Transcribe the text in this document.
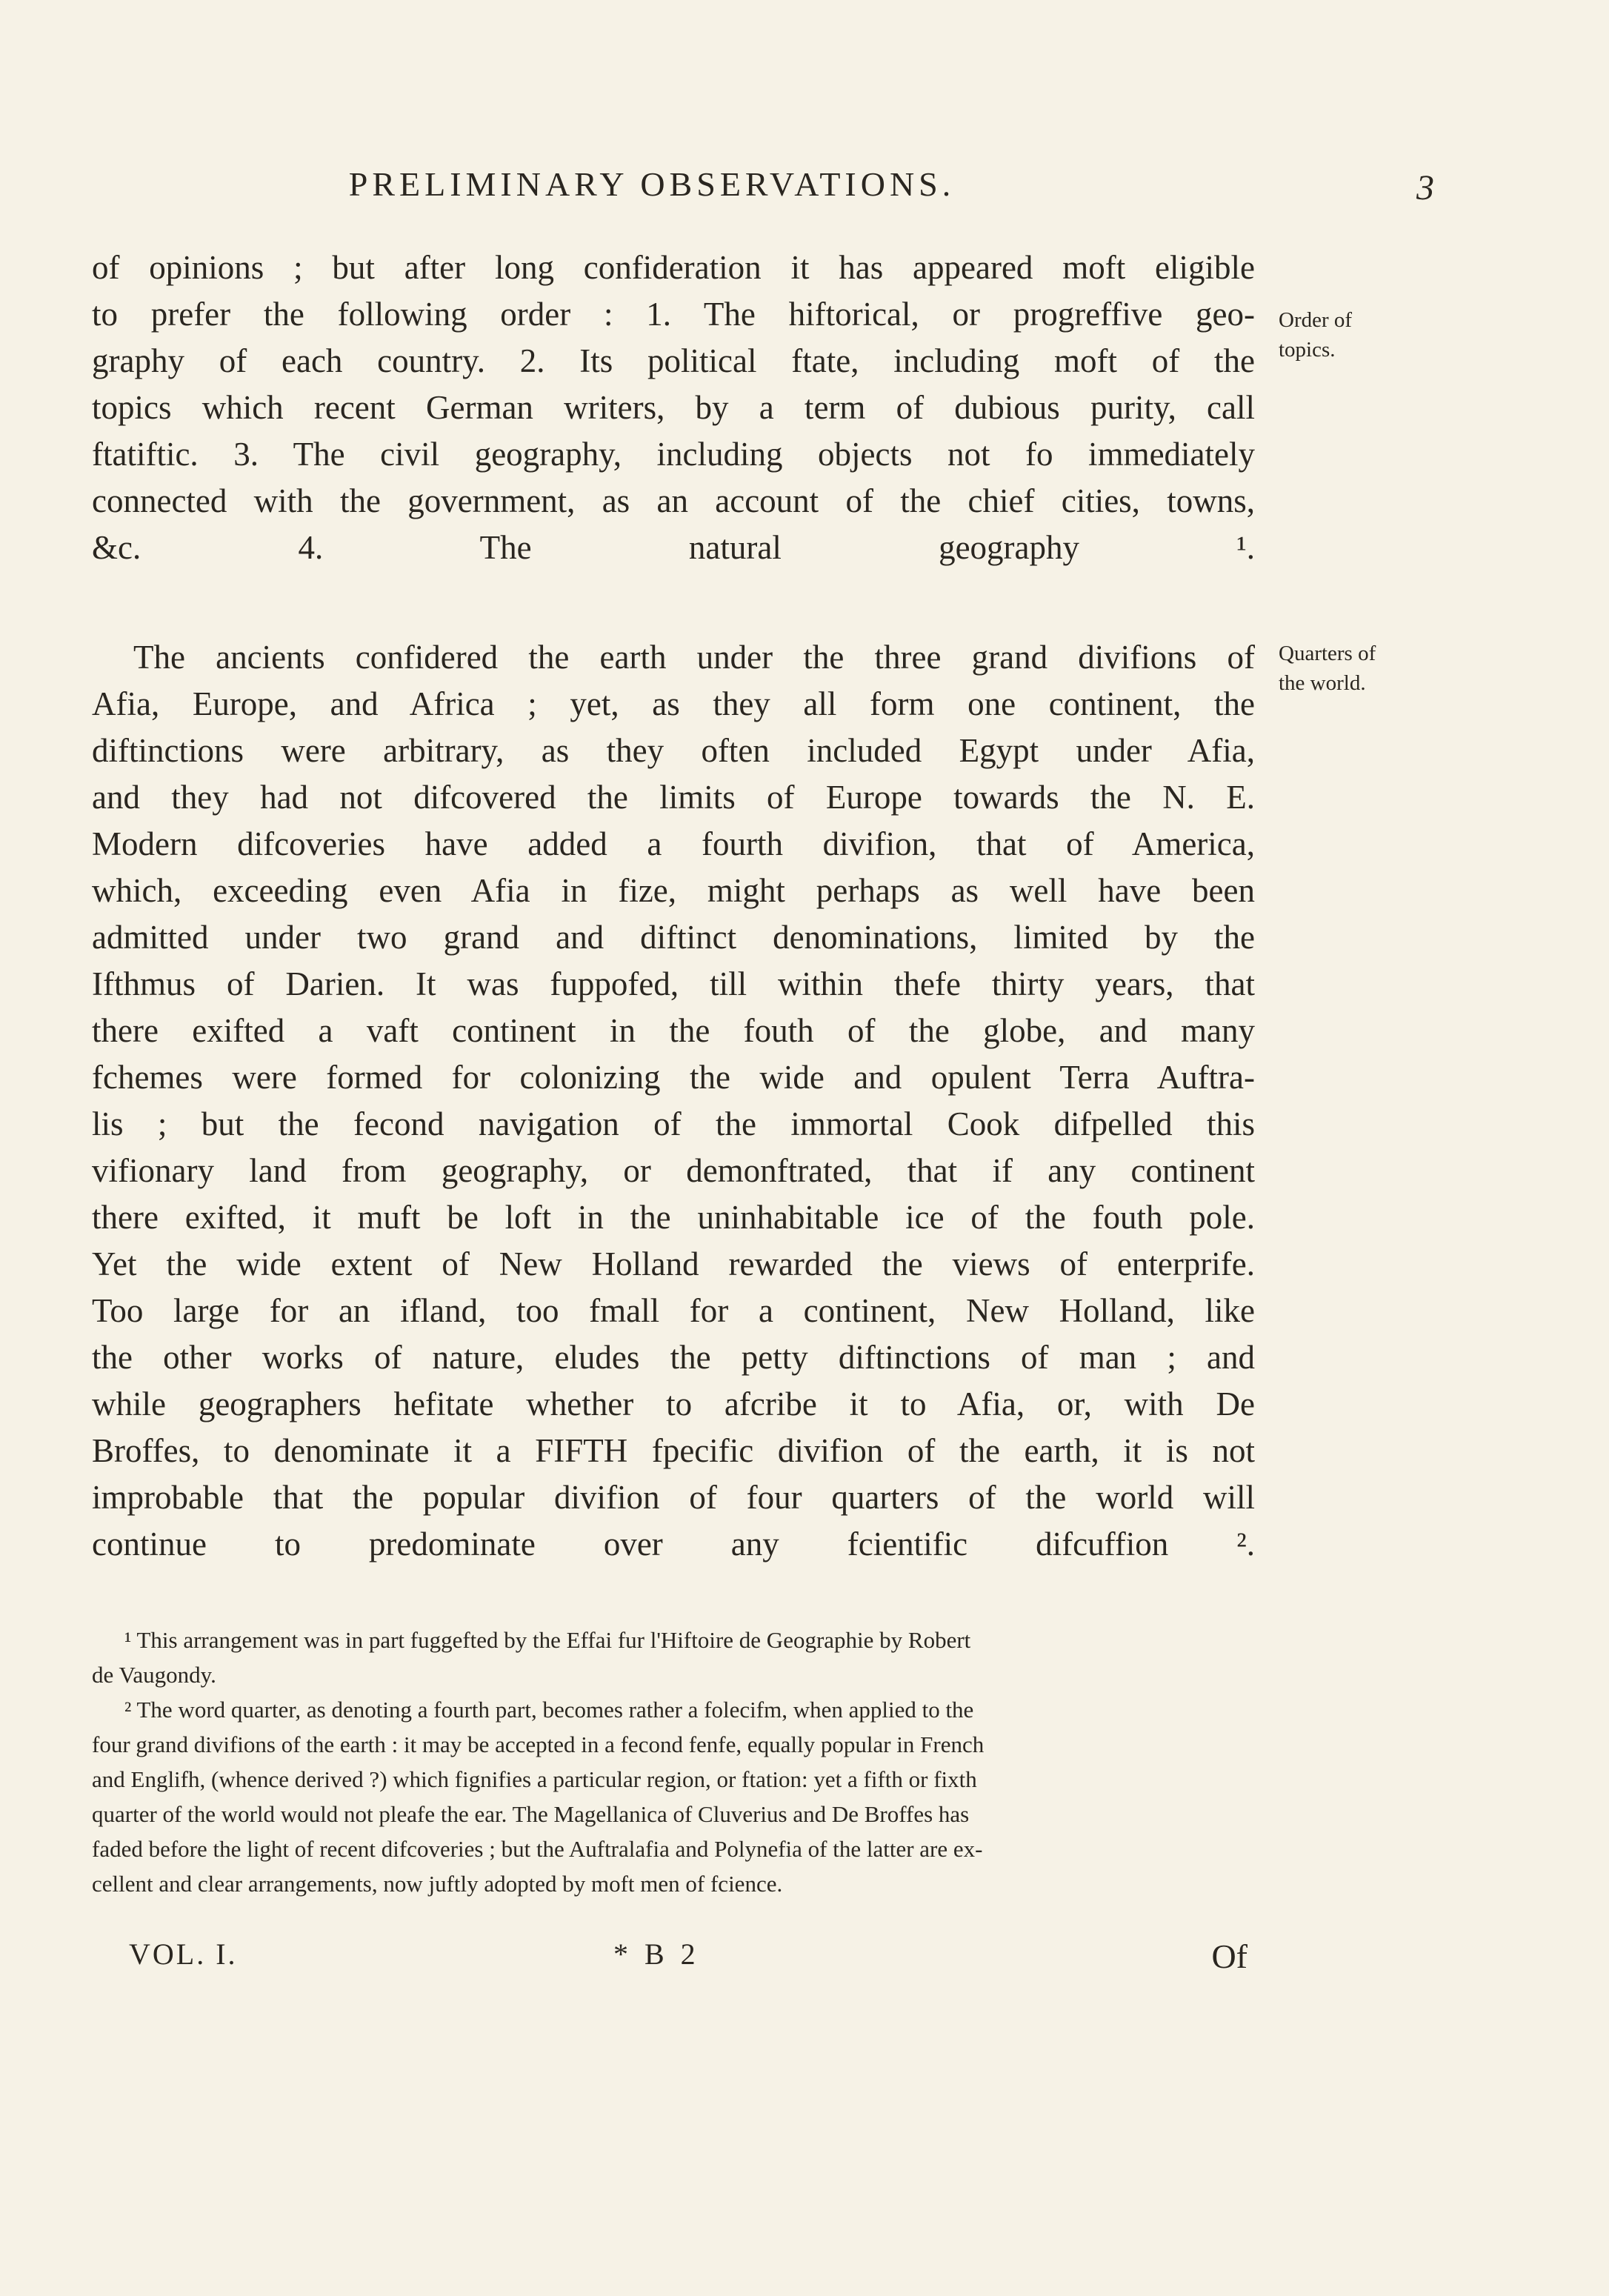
PRELIMINARY OBSERVATIONS.	3

of opinions ; but after long confideration it has appeared moft eligible
to prefer the following order : 1. The hiftorical, or progreffive geo-
graphy of each country. 2. Its political ftate, including moft of the
topics which recent German writers, by a term of dubious purity, call
ftatiftic. 3. The civil geography, including objects not fo immediately
connected with the government, as an account of the chief cities, towns,
&c. 4. The natural geography ¹.

The ancients confidered the earth under the three grand divifions of
Afia, Europe, and Africa ; yet, as they all form one continent, the
diftinctions were arbitrary, as they often included Egypt under Afia,
and they had not difcovered the limits of Europe towards the N. E.
Modern difcoveries have added a fourth divifion, that of America,
which, exceeding even Afia in fize, might perhaps as well have been
admitted under two grand and diftinct denominations, limited by the
Ifthmus of Darien. It was fuppofed, till within thefe thirty years, that
there exifted a vaft continent in the fouth of the globe, and many
fchemes were formed for colonizing the wide and opulent Terra Auftra-
lis ; but the fecond navigation of the immortal Cook difpelled this
vifionary land from geography, or demonftrated, that if any continent
there exifted, it muft be loft in the uninhabitable ice of the fouth pole.
Yet the wide extent of New Holland rewarded the views of enterprife.
Too large for an ifland, too fmall for a continent, New Holland, like
the other works of nature, eludes the petty diftinctions of man ; and
while geographers hefitate whether to afcribe it to Afia, or, with De
Broffes, to denominate it a FIFTH fpecific divifion of the earth, it is not
improbable that the popular divifion of four quarters of the world will
continue to predominate over any fcientific difcuffion ².

Order of
topics.
Quarters of
the world.

¹ This arrangement was in part fuggefted by the Effai fur l'Hiftoire de Geographie by Robert
de Vaugondy.

² The word quarter, as denoting a fourth part, becomes rather a folecifm, when applied to the
four grand divifions of the earth : it may be accepted in a fecond fenfe, equally popular in French
and Englifh, (whence derived ?) which fignifies a particular region, or ftation: yet a fifth or fixth
quarter of the world would not pleafe the ear. The Magellanica of Cluverius and De Broffes has
faded before the light of recent difcoveries ; but the Auftralafia and Polynefia of the latter are ex-
cellent and clear arrangements, now juftly adopted by moft men of fcience.

VOL. I.	* B 2	Of
